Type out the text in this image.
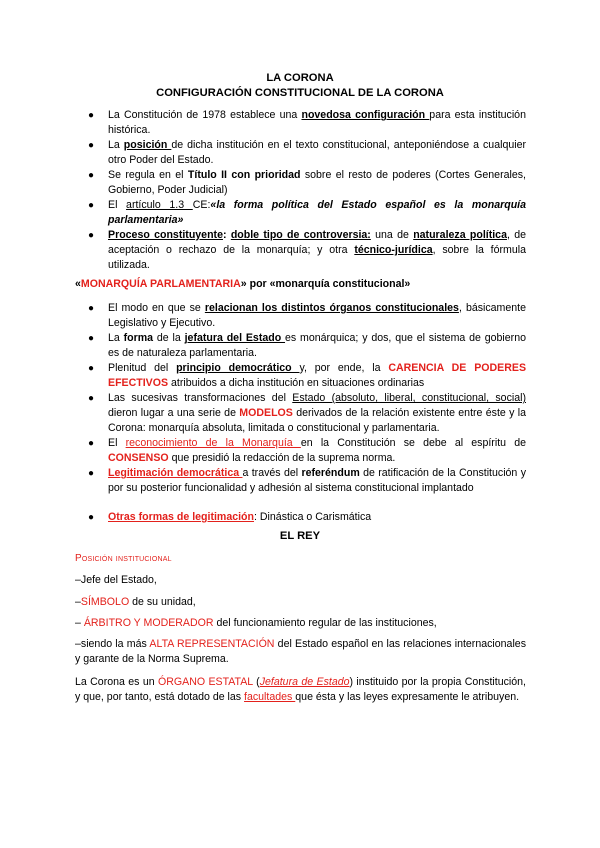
LA CORONA
CONFIGURACIÓN CONSTITUCIONAL DE LA CORONA
●	La Constitución de 1978 establece una novedosa configuración para esta institución histórica.
●	La posición de dicha institución en el texto constitucional, anteponiéndose a cualquier otro Poder del Estado.
●	Se regula en el Título II con prioridad sobre el resto de poderes (Cortes Generales, Gobierno, Poder Judicial)
●	El artículo 1.3 CE:«la forma política del Estado español es la monarquía parlamentaria»
●	Proceso constituyente: doble tipo de controversia: una de naturaleza política, de aceptación o rechazo de la monarquía; y otra técnico-jurídica, sobre la fórmula utilizada.
«MONARQUÍA PARLAMENTARIA» por «monarquía constitucional»
●	El modo en que se relacionan los distintos órganos constitucionales, básicamente Legislativo y Ejecutivo.
●	La forma de la jefatura del Estado es monárquica; y dos, que el sistema de gobierno es de naturaleza parlamentaria.
●	Plenitud del principio democrático y, por ende, la CARENCIA DE PODERES EFECTIVOS atribuidos a dicha institución en situaciones ordinarias
●	Las sucesivas transformaciones del Estado (absoluto, liberal, constitucional, social) dieron lugar a una serie de MODELOS derivados de la relación existente entre éste y la Corona: monarquía absoluta, limitada o constitucional y parlamentaria.
●	El reconocimiento de la Monarquía en la Constitución se debe al espíritu de CONSENSO que presidió la redacción de la suprema norma.
●	Legitimación democrática a través del referéndum de ratificación de la Constitución y por su posterior funcionalidad y adhesión al sistema constitucional implantado
●	Otras formas de legitimación: Dinástica o Carismática
EL REY
Posición institucional
–Jefe del Estado,
–SÍMBOLO de su unidad,
– ÁRBITRO Y MODERADOR del funcionamiento regular de las instituciones,
–siendo la más ALTA REPRESENTACIÓN del Estado español en las relaciones internacionales y garante de la Norma Suprema.
La Corona es un ÓRGANO ESTATAL (Jefatura de Estado) instituido por la propia Constitución, y que, por tanto, está dotado de las facultades que ésta y las leyes expresamente le atribuyen.
